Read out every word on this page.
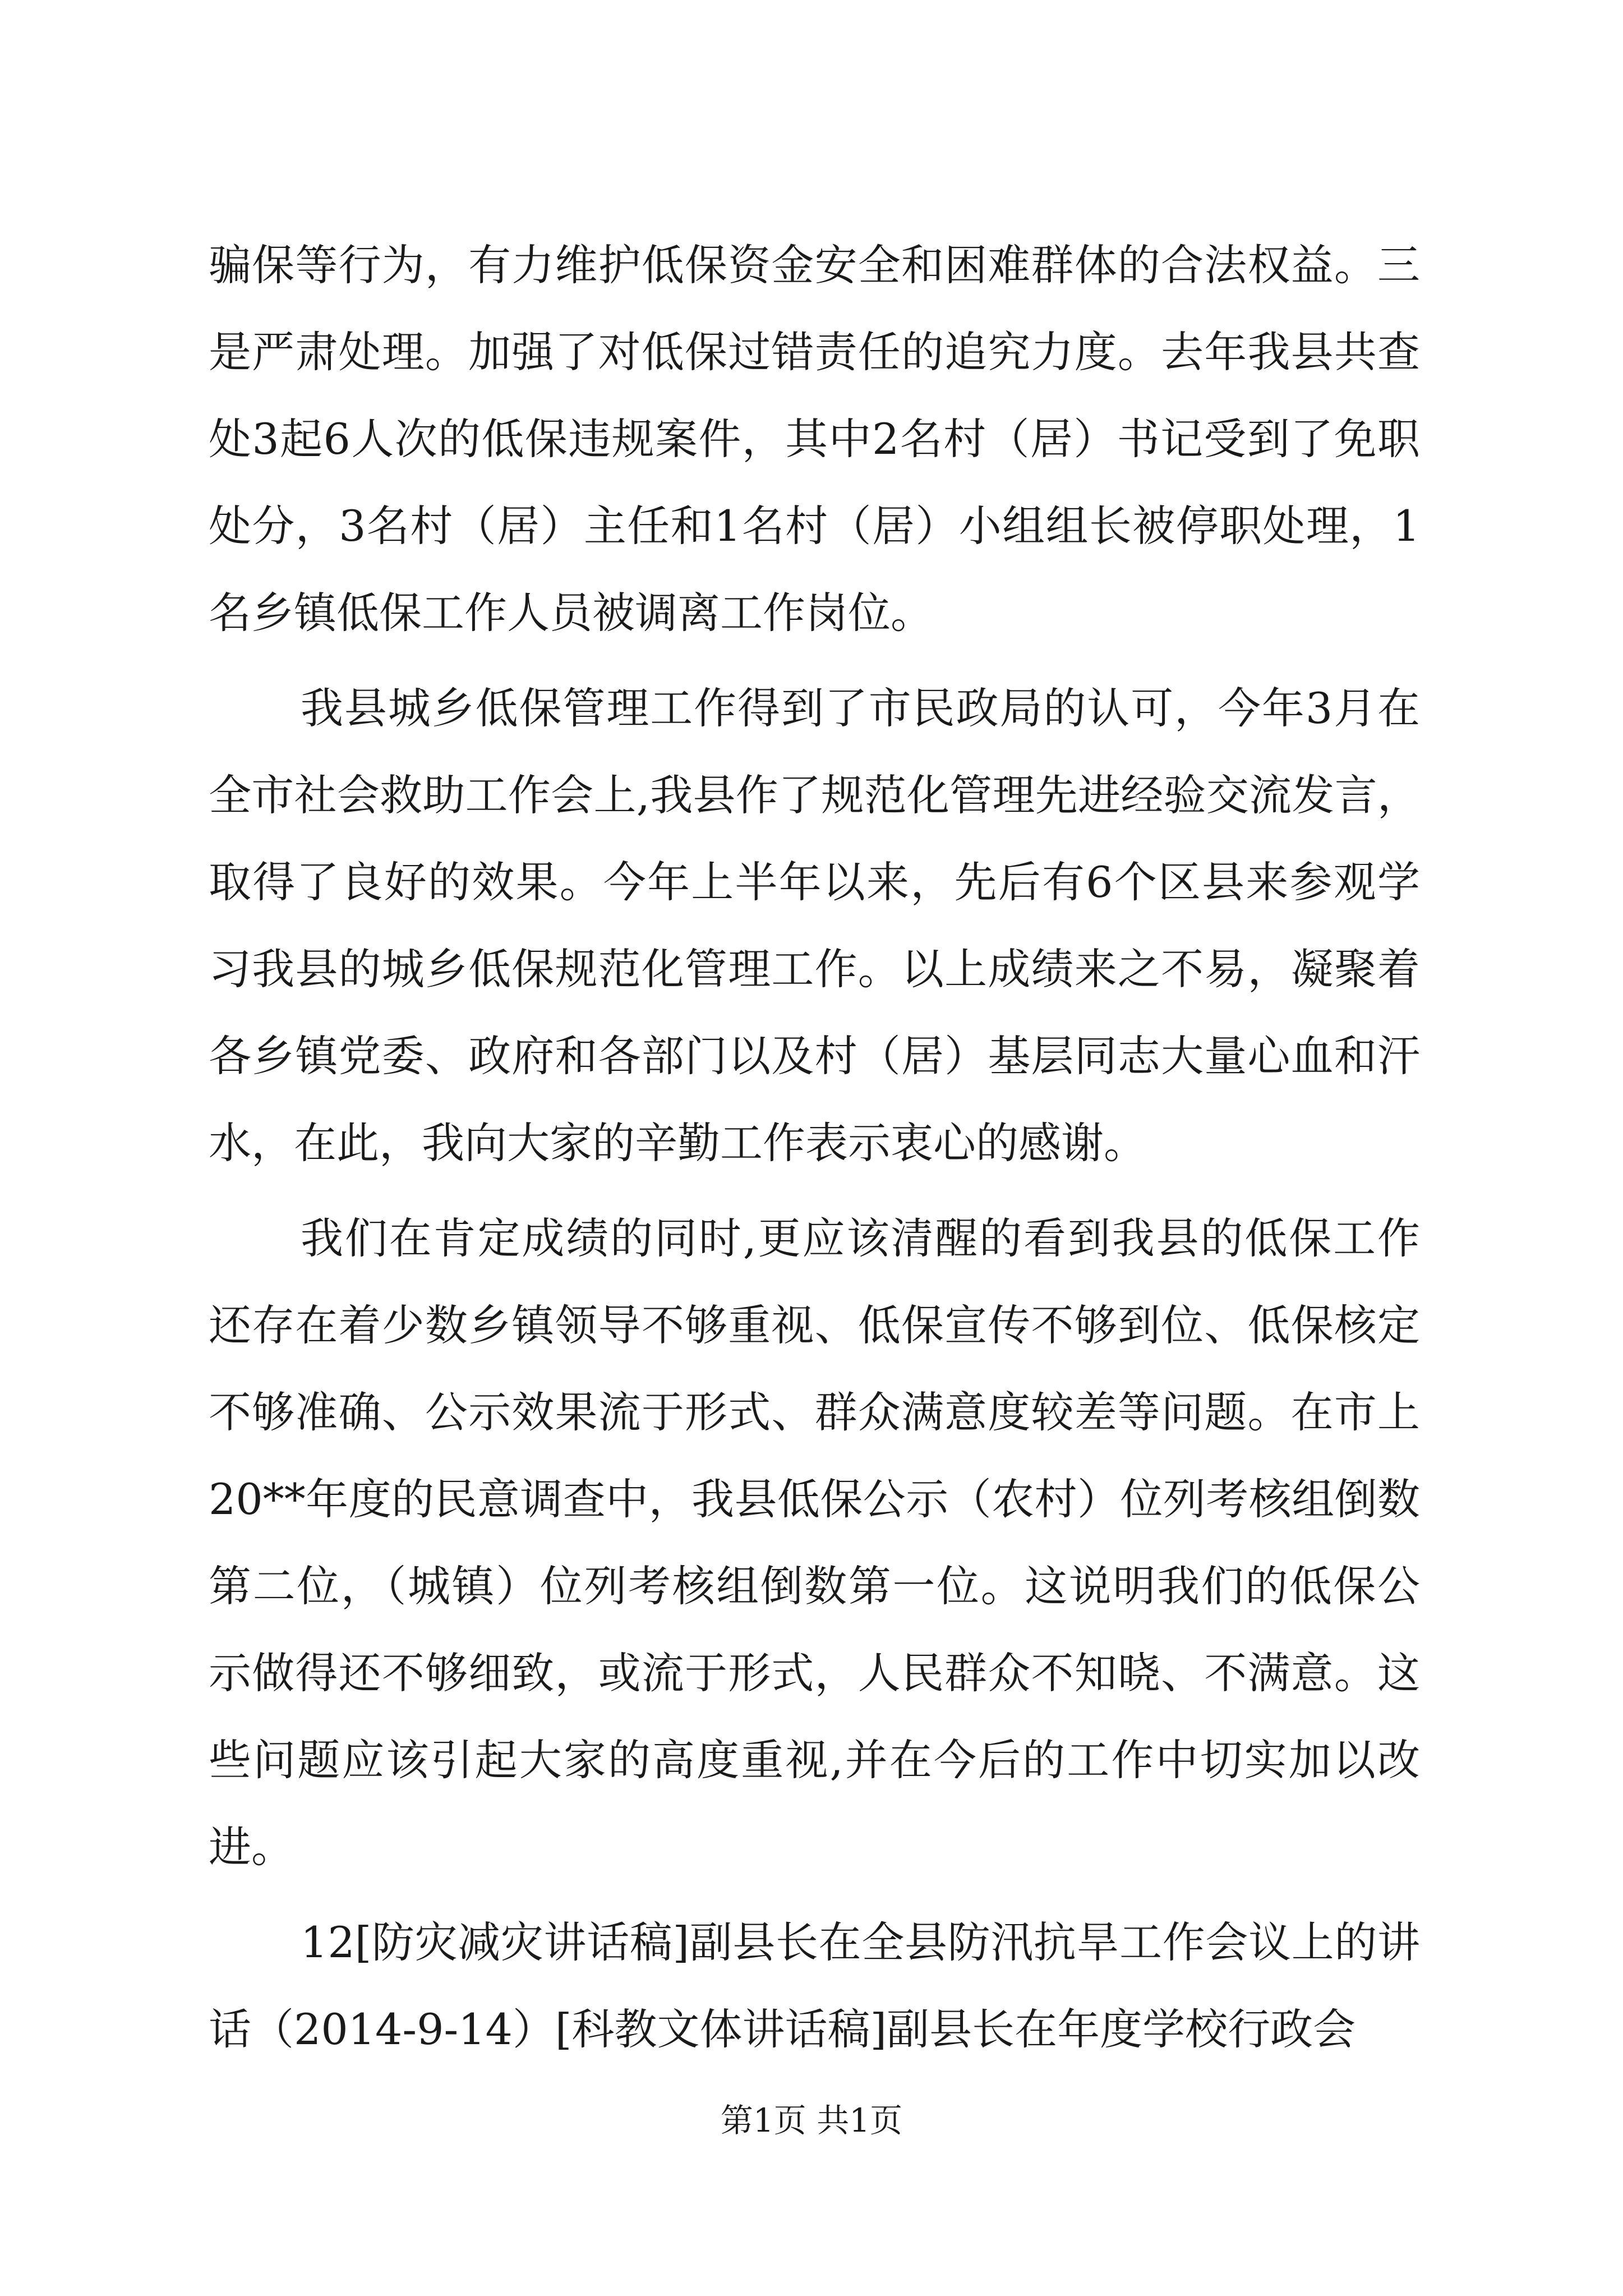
骗保等行为，有力维护低保资金安全和困难群体的合法权益。三是严肃处理。加强了对低保过错责任的追究力度。去年我县共查处3起6人次的低保违规案件，其中2名村（居）书记受到了免职处分，3名村（居）主任和1名村（居）小组组长被停职处理，1名乡镇低保工作人员被调离工作岗位。

我县城乡低保管理工作得到了市民政局的认可，今年3月在全市社会救助工作会上,我县作了规范化管理先进经验交流发言，取得了良好的效果。今年上半年以来，先后有6个区县来参观学习我县的城乡低保规范化管理工作。以上成绩来之不易，凝聚着各乡镇党委、政府和各部门以及村（居）基层同志大量心血和汗水，在此，我向大家的辛勤工作表示衷心的感谢。

我们在肯定成绩的同时,更应该清醒的看到我县的低保工作还存在着少数乡镇领导不够重视、低保宣传不够到位、低保核定不够准确、公示效果流于形式、群众满意度较差等问题。在市上20**年度的民意调查中，我县低保公示（农村）位列考核组倒数第二位，（城镇）位列考核组倒数第一位。这说明我们的低保公示做得还不够细致，或流于形式，人民群众不知晓、不满意。这些问题应该引起大家的高度重视,并在今后的工作中切实加以改进。

12[防灾减灾讲话稿]副县长在全县防汛抗旱工作会议上的讲话（2014-9-14）[科教文体讲话稿]副县长在年度学校行政会

第1页 共1页
